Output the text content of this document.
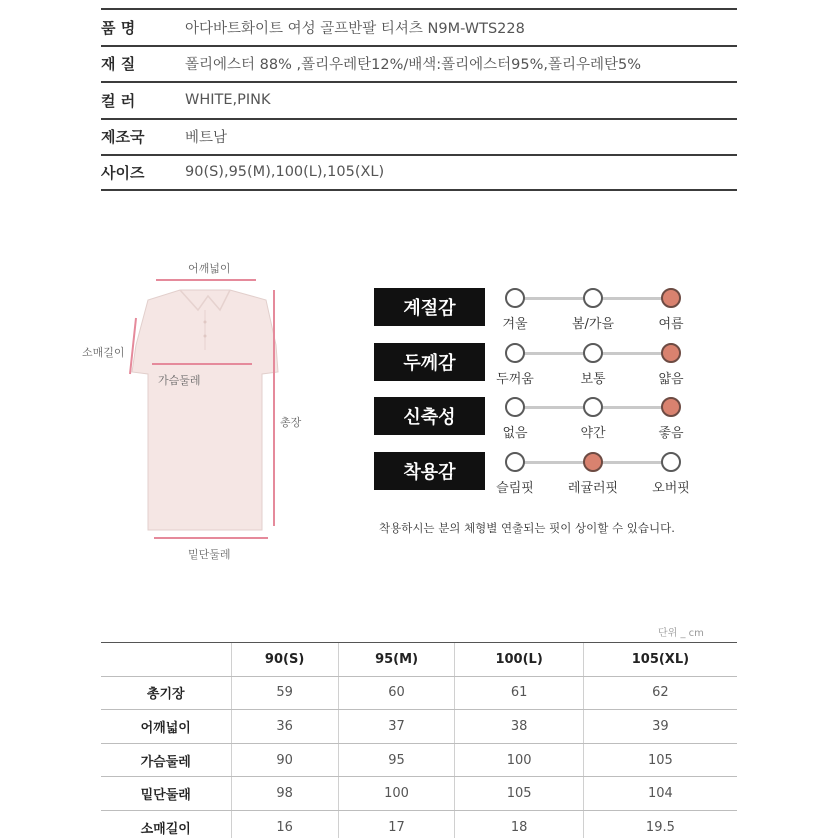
품 명	아다바트화이트 여성 골프반팔 티셔츠 N9M-WTS228
재 질	폴리에스터 88% ,폴리우레탄12%/배색:폴리에스터95%,폴리우레탄5%
컬 러	WHITE,PINK
제조국	베트남
사이즈	90(S),95(M),100(L),105(XL)
어깨넓이
소매길이
가슴둘레
총장
밑단둘레
계절감
겨울	봄/가을	여름
두께감
두꺼움	보통	얇음
신축성
없음	약간	좋음
착용감
슬림핏	레귤러핏	오버핏
착용하시는 분의 체형별 연출되는 핏이 상이할 수 있습니다.
단위 _ cm
	90(S)	95(M)	100(L)	105(XL)
총기장	59	60	61	62
어깨넓이	36	37	38	39
가슴둘레	90	95	100	105
밑단둘래	98	100	105	104
소매길이	16	17	18	19.5
